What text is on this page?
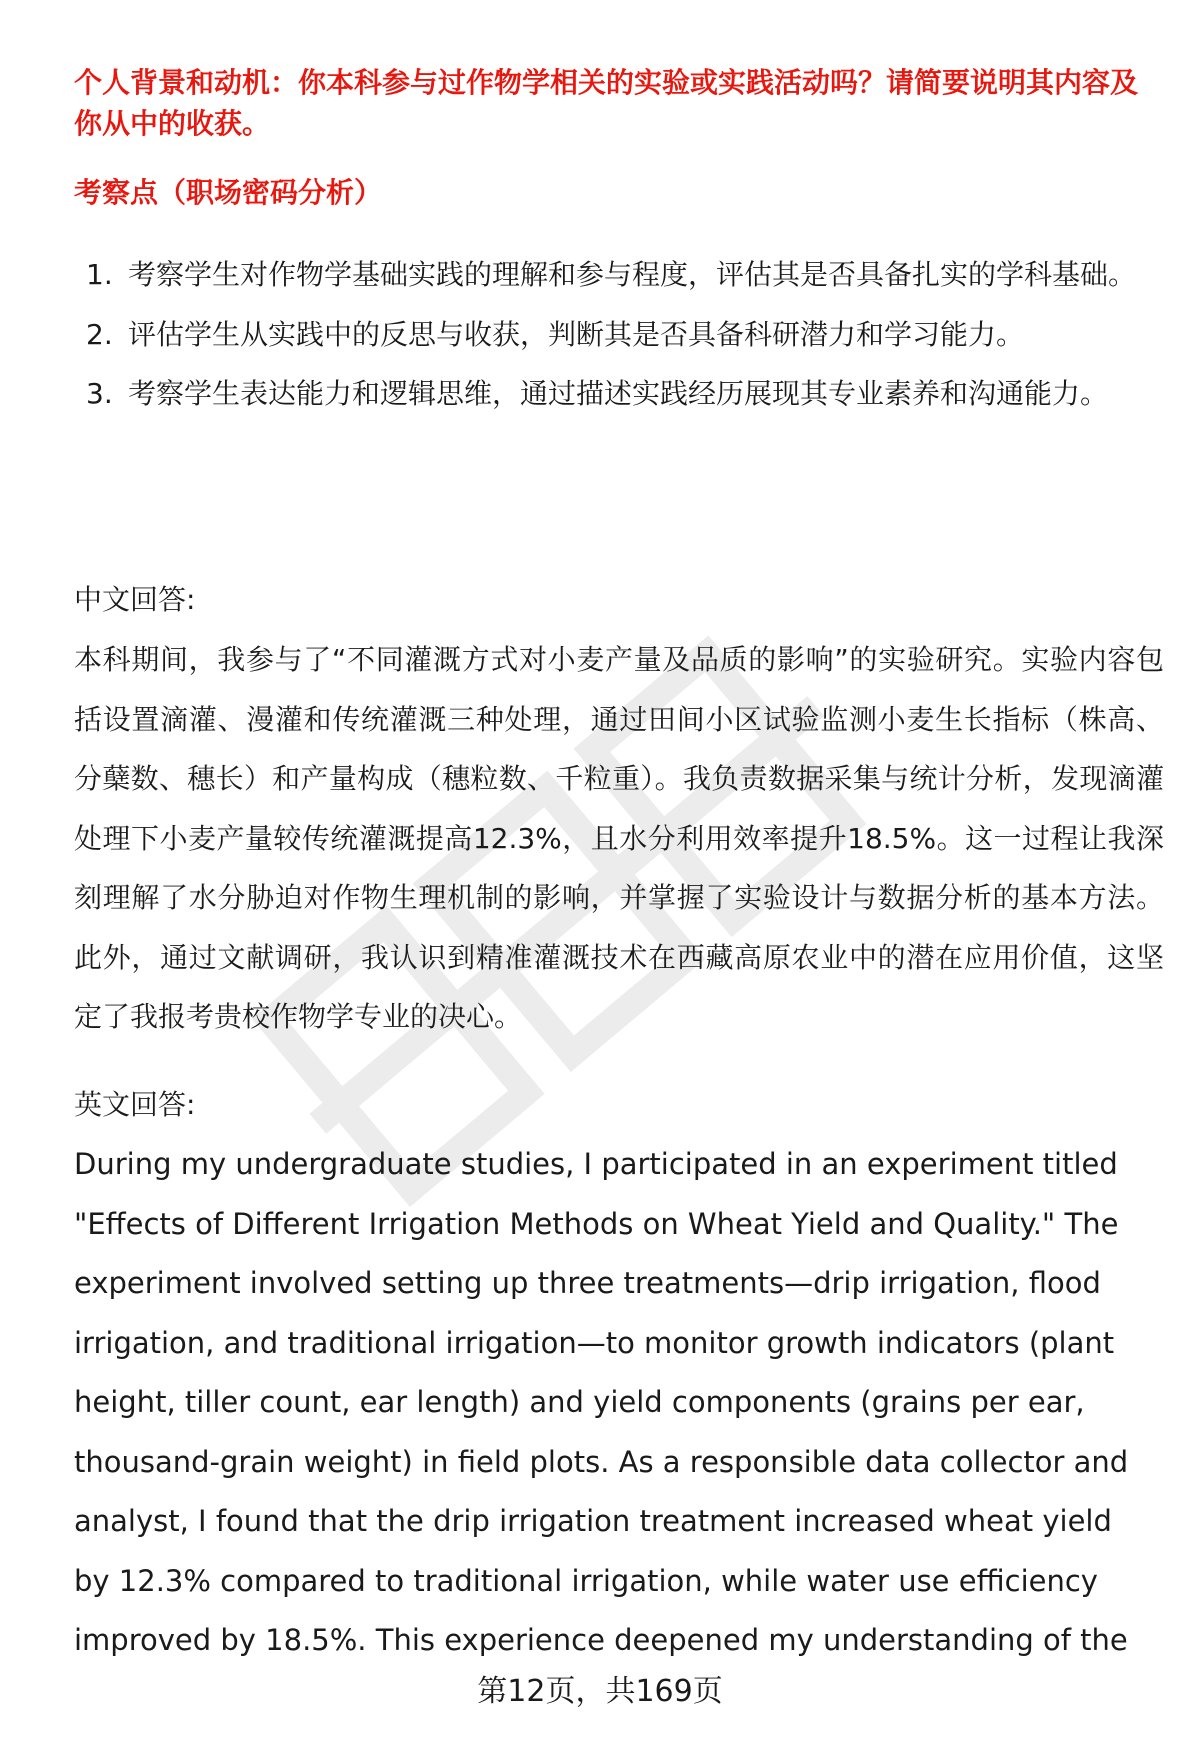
个人背景和动机：你本科参与过作物学相关的实验或实践活动吗？请简要说明其内容及你从中的收获。

考察点（职场密码分析）

1. 考察学生对作物学基础实践的理解和参与程度，评估其是否具备扎实的学科基础。
2. 评估学生从实践中的反思与收获，判断其是否具备科研潜力和学习能力。
3. 考察学生表达能力和逻辑思维，通过描述实践经历展现其专业素养和沟通能力。

中文回答:

本科期间，我参与了“不同灌溉方式对小麦产量及品质的影响”的实验研究。实验内容包括设置滴灌、漫灌和传统灌溉三种处理，通过田间小区试验监测小麦生长指标（株高、分蘖数、穗长）和产量构成（穗粒数、千粒重）。我负责数据采集与统计分析，发现滴灌处理下小麦产量较传统灌溉提高12.3%，且水分利用效率提升18.5%。这一过程让我深刻理解了水分胁迫对作物生理机制的影响，并掌握了实验设计与数据分析的基本方法。此外，通过文献调研，我认识到精准灌溉技术在西藏高原农业中的潜在应用价值，这坚定了我报考贵校作物学专业的决心。

英文回答:

During my undergraduate studies, I participated in an experiment titled "Effects of Different Irrigation Methods on Wheat Yield and Quality." The experiment involved setting up three treatments—drip irrigation, flood irrigation, and traditional irrigation—to monitor growth indicators (plant height, tiller count, ear length) and yield components (grains per ear, thousand-grain weight) in field plots. As a responsible data collector and analyst, I found that the drip irrigation treatment increased wheat yield by 12.3% compared to traditional irrigation, while water use efficiency improved by 18.5%. This experience deepened my understanding of the

第12页，共169页
